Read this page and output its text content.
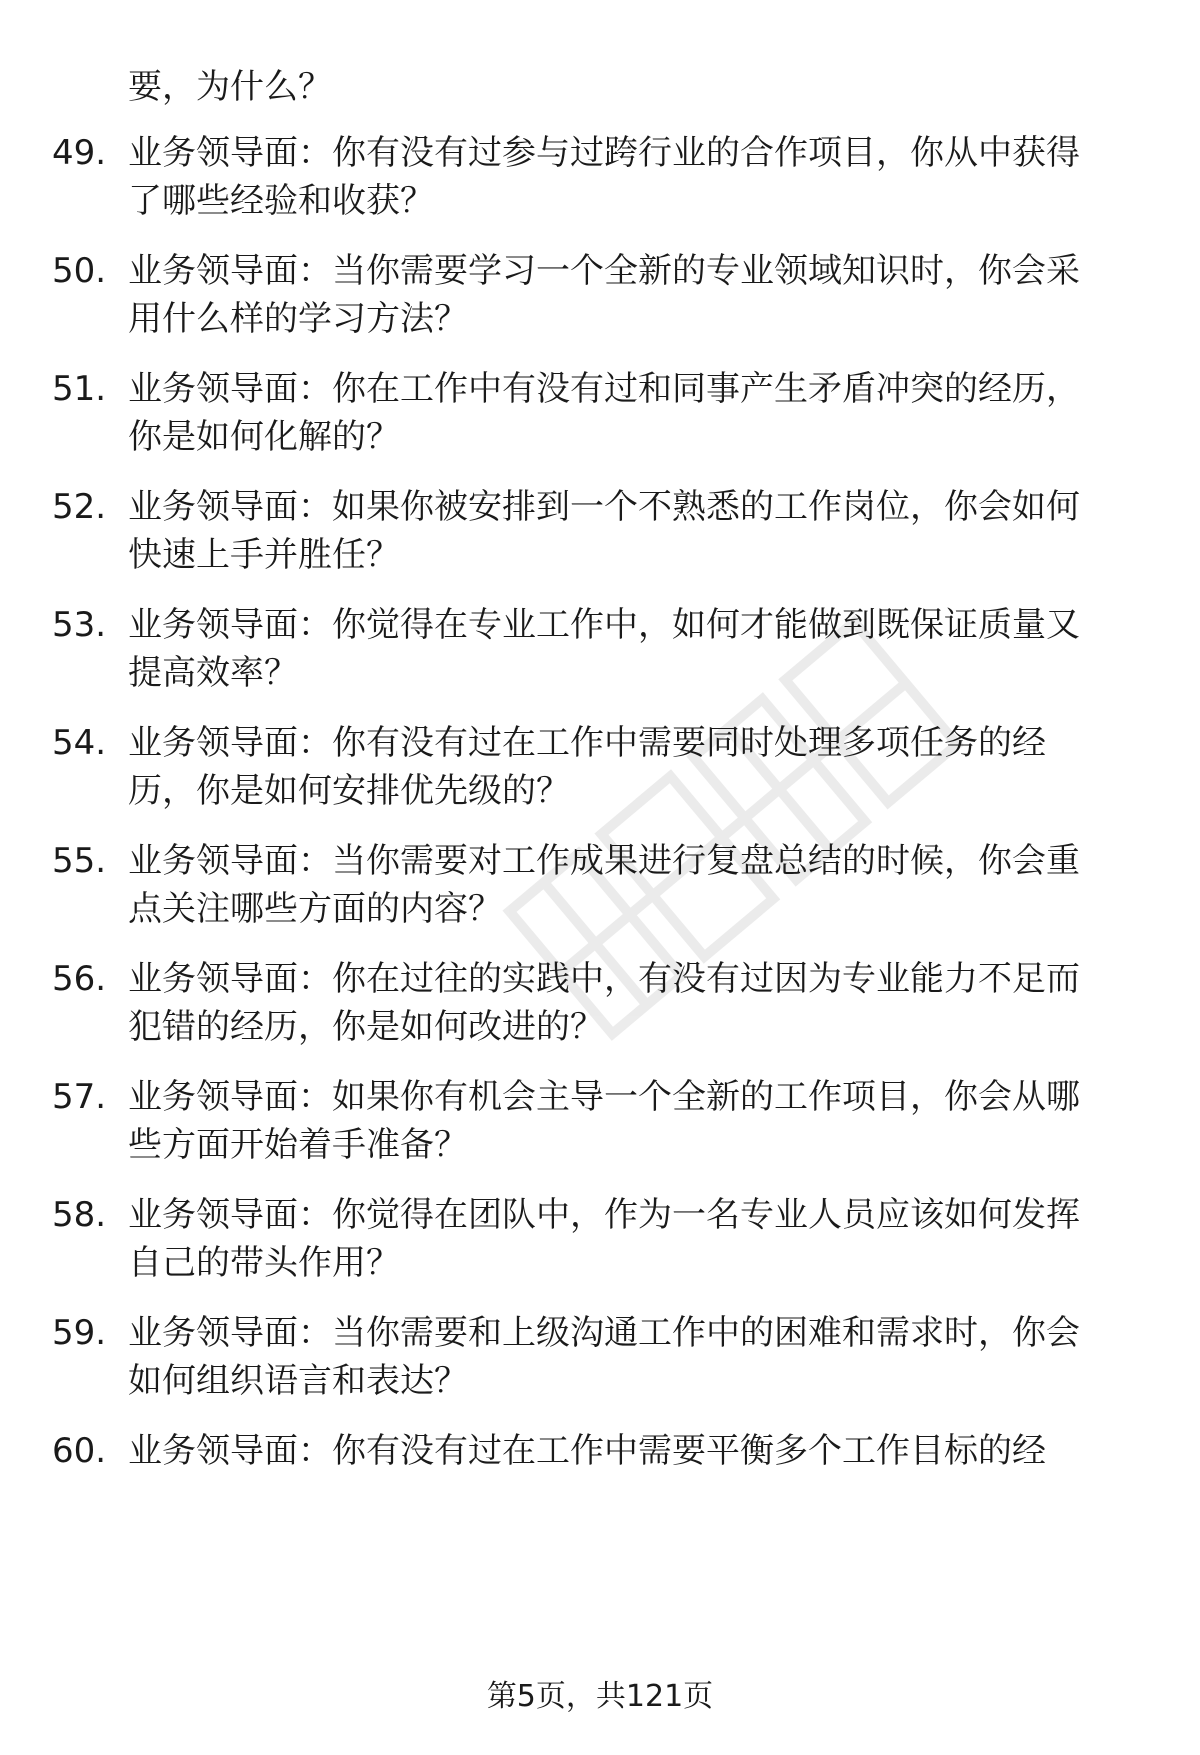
要，为什么？
49. 业务领导面：你有没有过参与过跨行业的合作项目，你从中获得
了哪些经验和收获？
50. 业务领导面：当你需要学习一个全新的专业领域知识时，你会采
用什么样的学习方法？
51. 业务领导面：你在工作中有没有过和同事产生矛盾冲突的经历，
你是如何化解的？
52. 业务领导面：如果你被安排到一个不熟悉的工作岗位，你会如何
快速上手并胜任？
53. 业务领导面：你觉得在专业工作中，如何才能做到既保证质量又
提高效率？
54. 业务领导面：你有没有过在工作中需要同时处理多项任务的经
历，你是如何安排优先级的？
55. 业务领导面：当你需要对工作成果进行复盘总结的时候，你会重
点关注哪些方面的内容？
56. 业务领导面：你在过往的实践中，有没有过因为专业能力不足而
犯错的经历，你是如何改进的？
57. 业务领导面：如果你有机会主导一个全新的工作项目，你会从哪
些方面开始着手准备？
58. 业务领导面：你觉得在团队中，作为一名专业人员应该如何发挥
自己的带头作用？
59. 业务领导面：当你需要和上级沟通工作中的困难和需求时，你会
如何组织语言和表达？
60. 业务领导面：你有没有过在工作中需要平衡多个工作目标的经
第5页，共121页
